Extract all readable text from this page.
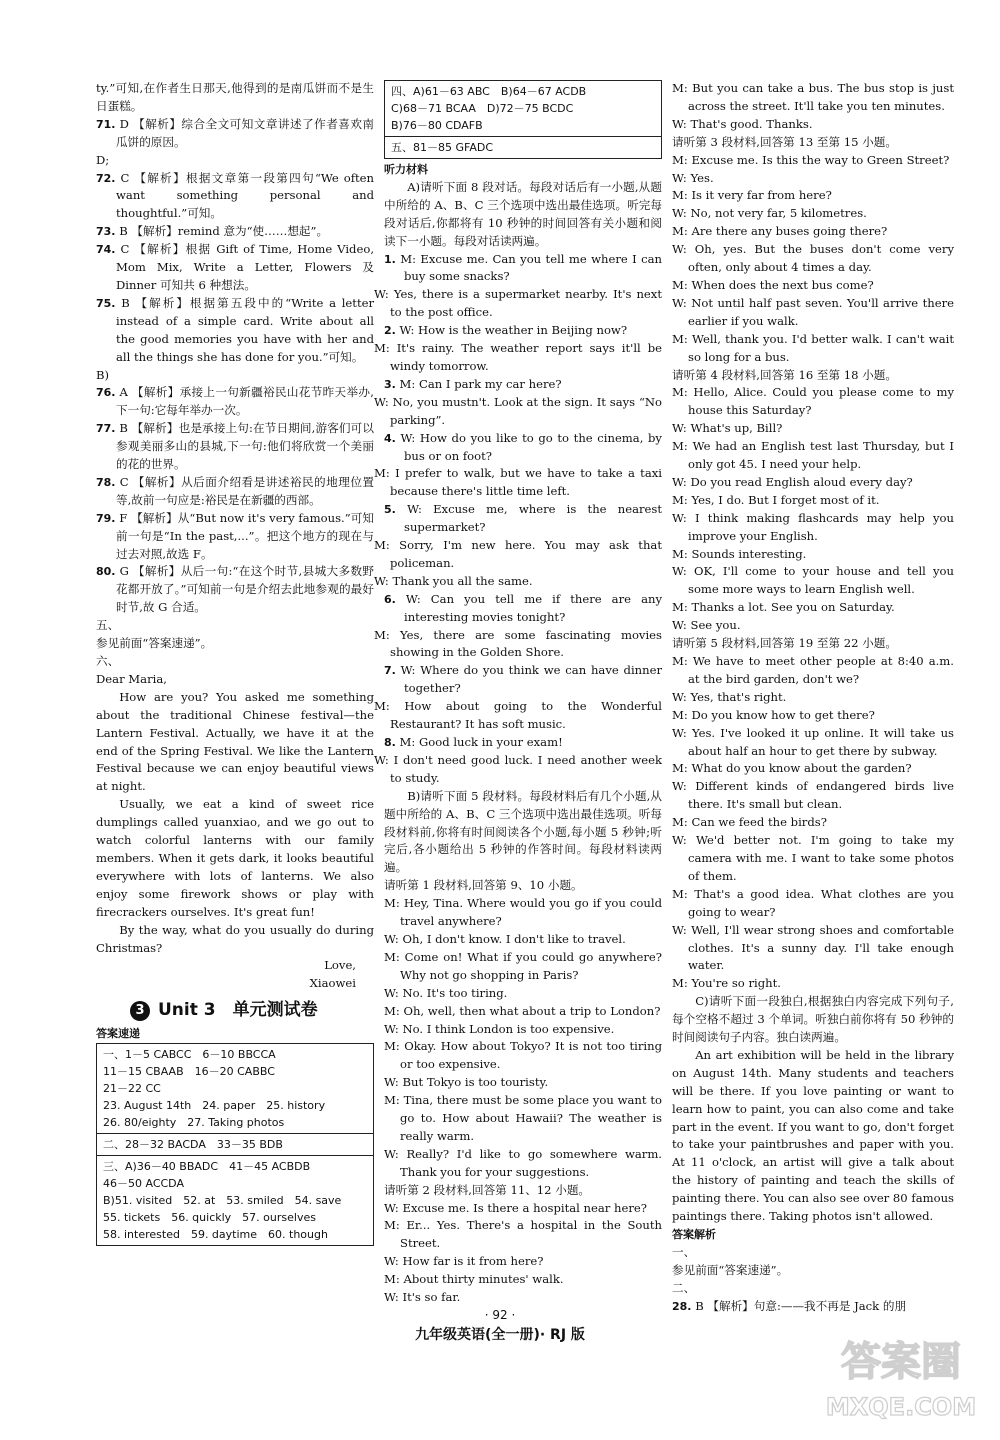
ty.”可知,在作者生日那天,他得到的是南瓜饼而不是生日蛋糕。

71. D 【解析】综合全文可知文章讲述了作者喜欢南瓜饼的原因。

D;

72. C 【解析】根据文章第一段第四句“We often want something personal and thoughtful.”可知。

73. B 【解析】remind 意为“使……想起”。

74. C 【解析】根据 Gift of Time, Home Video, Mom Mix, Write a Letter, Flowers 及 Dinner 可知共 6 种想法。

75. B 【解析】根据第五段中的“Write a letter instead of a simple card. Write about all the good memories you have with her and all the things she has done for you.”可知。

B)

76. A 【解析】承接上一句新疆裕民山花节昨天举办,下一句:它每年举办一次。

77. B 【解析】也是承接上句:在节日期间,游客们可以参观美丽多山的县城,下一句:他们将欣赏一个美丽的花的世界。

78. C 【解析】从后面介绍看是讲述裕民的地理位置等,故前一句应是:裕民是在新疆的西部。

79. F 【解析】从“But now it's very famous.”可知前一句是“In the past,...”。把这个地方的现在与过去对照,故选 F。

80. G 【解析】从后一句:“在这个时节,县城大多数野花都开放了。”可知前一句是介绍去此地参观的最好时节,故 G 合适。

五、

参见前面“答案速递”。

六、

Dear Maria,

How are you? You asked me something about the traditional Chinese festival—the Lantern Festival. Actually, we have it at the end of the Spring Festival. We like the Lantern Festival because we can enjoy beautiful views at night.

Usually, we eat a kind of sweet rice dumplings called yuanxiao, and we go out to watch colorful lanterns with our family members. When it gets dark, it looks beautiful everywhere with lots of lanterns. We also enjoy some firework shows or play with firecrackers ourselves. It's great fun!

By the way, what do you usually do during Christmas?

Love,

Xiaowei

3 Unit 3　单元测试卷

答案速递

一、1－5 CABCC　6－10 BBCCA

11－15 CBAAB　16－20 CABBC

21－22 CC

23. August 14th　24. paper　25. history

26. 80/eighty　27. Taking photos

二、28－32 BACDA　33－35 BDB

三、A)36－40 BBADC　41－45 ACBDB

46－50 ACCDA

B)51. visited　52. at　53. smiled　54. save

55. tickets　56. quickly　57. ourselves

58. interested　59. daytime　60. though

四、A)61－63 ABC　B)64－67 ACDB

C)68－71 BCAA　D)72－75 BCDC

B)76－80 CDAFB

五、81－85 GFADC

听力材料

A)请听下面 8 段对话。每段对话后有一小题,从题中所给的 A、B、C 三个选项中选出最佳选项。听完每段对话后,你都将有 10 秒钟的时间回答有关小题和阅读下一小题。每段对话读两遍。

1. M: Excuse me. Can you tell me where I can buy some snacks?

W: Yes, there is a supermarket nearby. It's next to the post office.

2. W: How is the weather in Beijing now?

M: It's rainy. The weather report says it'll be windy tomorrow.

3. M: Can I park my car here?

W: No, you mustn't. Look at the sign. It says “No parking”.

4. W: How do you like to go to the cinema, by bus or on foot?

M: I prefer to walk, but we have to take a taxi because there's little time left.

5. W: Excuse me, where is the nearest supermarket?

M: Sorry, I'm new here. You may ask that policeman.

W: Thank you all the same.

6. W: Can you tell me if there are any interesting movies tonight?

M: Yes, there are some fascinating movies showing in the Golden Shore.

7. W: Where do you think we can have dinner together?

M: How about going to the Wonderful Restaurant? It has soft music.

8. M: Good luck in your exam!

W: I don't need good luck. I need another week to study.

B)请听下面 5 段材料。每段材料后有几个小题,从题中所给的 A、B、C 三个选项中选出最佳选项。听每段材料前,你将有时间阅读各个小题,每小题 5 秒钟;听完后,各小题给出 5 秒钟的作答时间。每段材料读两遍。

请听第 1 段材料,回答第 9、10 小题。

M: Hey, Tina. Where would you go if you could travel anywhere?

W: Oh, I don't know. I don't like to travel.

M: Come on! What if you could go anywhere? Why not go shopping in Paris?

W: No. It's too tiring.

M: Oh, well, then what about a trip to London?

W: No. I think London is too expensive.

M: Okay. How about Tokyo? It is not too tiring or too expensive.

W: But Tokyo is too touristy.

M: Tina, there must be some place you want to go to. How about Hawaii? The weather is really warm.

W: Really? I'd like to go somewhere warm. Thank you for your suggestions.

请听第 2 段材料,回答第 11、12 小题。

W: Excuse me. Is there a hospital near here?

M: Er... Yes. There's a hospital in the South Street.

W: How far is it from here?

M: About thirty minutes' walk.

W: It's so far.

M: But you can take a bus. The bus stop is just across the street. It'll take you ten minutes.

W: That's good. Thanks.

请听第 3 段材料,回答第 13 至第 15 小题。

M: Excuse me. Is this the way to Green Street?

W: Yes.

M: Is it very far from here?

W: No, not very far, 5 kilometres.

M: Are there any buses going there?

W: Oh, yes. But the buses don't come very often, only about 4 times a day.

M: When does the next bus come?

W: Not until half past seven. You'll arrive there earlier if you walk.

M: Well, thank you. I'd better walk. I can't wait so long for a bus.

请听第 4 段材料,回答第 16 至第 18 小题。

M: Hello, Alice. Could you please come to my house this Saturday?

W: What's up, Bill?

M: We had an English test last Thursday, but I only got 45. I need your help.

W: Do you read English aloud every day?

M: Yes, I do. But I forget most of it.

W: I think making flashcards may help you improve your English.

M: Sounds interesting.

W: OK, I'll come to your house and tell you some more ways to learn English well.

M: Thanks a lot. See you on Saturday.

W: See you.

请听第 5 段材料,回答第 19 至第 22 小题。

M: We have to meet other people at 8:40 a.m. at the bird garden, don't we?

W: Yes, that's right.

M: Do you know how to get there?

W: Yes. I've looked it up online. It will take us about half an hour to get there by subway.

M: What do you know about the garden?

W: Different kinds of endangered birds live there. It's small but clean.

M: Can we feed the birds?

W: We'd better not. I'm going to take my camera with me. I want to take some photos of them.

M: That's a good idea. What clothes are you going to wear?

W: Well, I'll wear strong shoes and comfortable clothes. It's a sunny day. I'll take enough water.

M: You're so right.

C)请听下面一段独白,根据独白内容完成下列句子,每个空格不超过 3 个单词。听独白前你将有 50 秒钟的时间阅读句子内容。独白读两遍。

An art exhibition will be held in the library on August 14th. Many students and teachers will be there. If you love painting or want to learn how to paint, you can also come and take part in the event. If you want to go, don't forget to take your paintbrushes and paper with you. At 11 o'clock, an artist will give a talk about the history of painting and teach the skills of painting there. You can also see over 80 famous paintings there. Taking photos isn't allowed.

答案解析

一、

参见前面“答案速递”。

二、

28. B 【解析】句意:——我不再是 Jack 的朋

· 92 ·
九年级英语(全一册)· RJ 版
答案圈
MXQE.COM
